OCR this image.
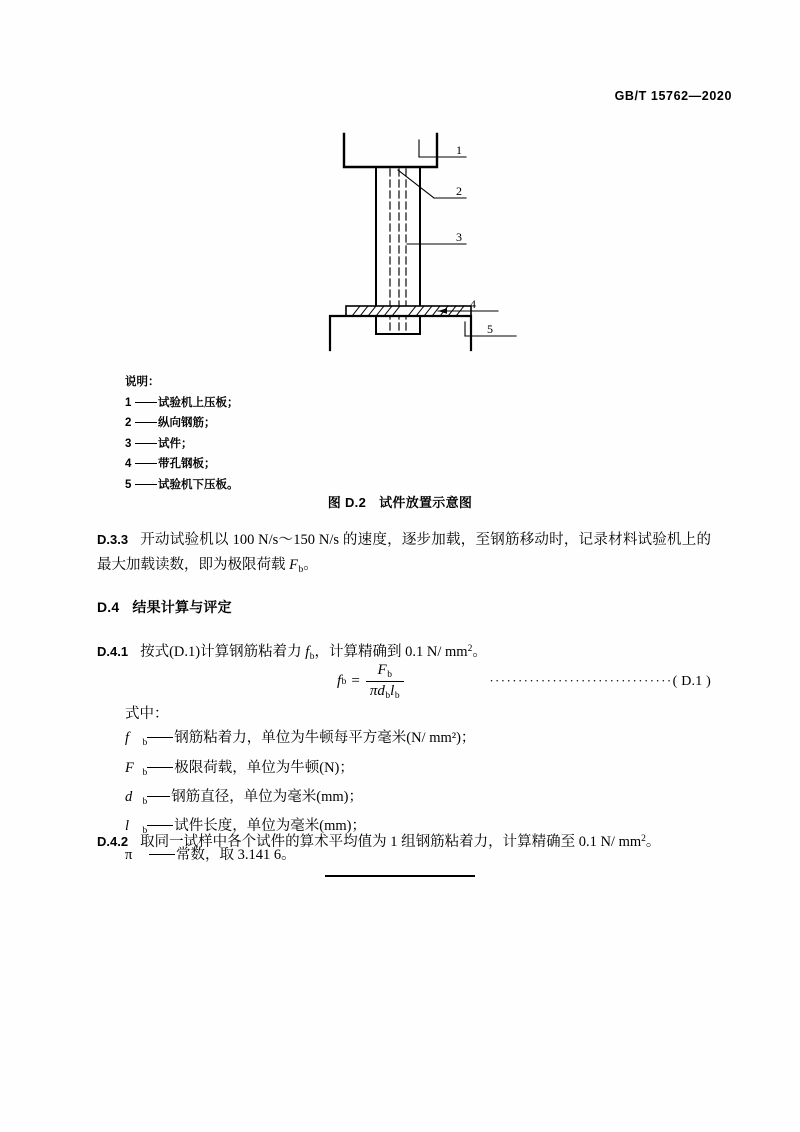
GB/T 15762—2020
1
2
3
4
5
说明：
1 试验机上压板；
2 纵向钢筋；
3 试件；
4 带孔钢板；
5 试验机下压板。
图 D.2 试件放置示意图
D.3.3 开动试验机以 100 N/s～150 N/s 的速度，逐步加载，至钢筋移动时，记录材料试验机上的最大加载读数，即为极限荷载 $F_b$。
D.4 结果计算与评定
D.4.1 按式(D.1)计算钢筋粘着力 $f_b$，计算精确到 0.1 N/ $mm^2$。
f $b = \frac{F_b}{\pi d_bl_b}$	································( D.1 )
式中：
f $_b$ 钢筋粘着力，单位为牛顿每平方毫米(N/ mm²)；
F $_b$ 极限荷载，单位为牛顿(N)；
d $_b$ 钢筋直径，单位为毫米(mm)；
l $_b$ 试件长度，单位为毫米(mm)；
π	常数，取 3.141 6。
D.4.2 取同一试样中各个试件的算术平均值为 1 组钢筋粘着力，计算精确至 0.1 N/ $mm^2$。
